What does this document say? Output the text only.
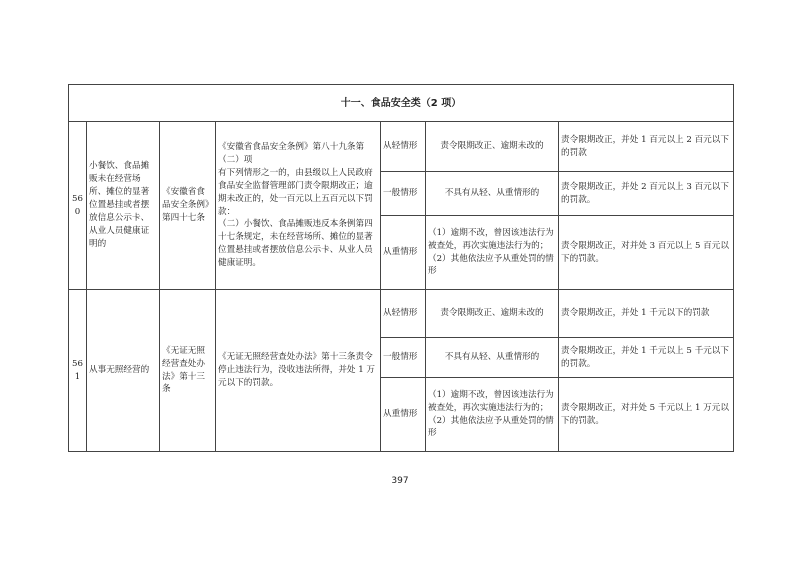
十一、食品安全类（2 项）						
560	小餐饮、食品摊贩未在经营场所、摊位的显著位置悬挂或者摆放信息公示卡、从业人员健康证明的	《安徽省食品安全条例》第四十七条	《安徽省食品安全条例》第八十九条第（二）项
有下列情形之一的，由县级以上人民政府食品安全监督管理部门责令限期改正；逾期未改正的，处一百元以上五百元以下罚款：
（二）小餐饮、食品摊贩违反本条例第四十七条规定，未在经营场所、摊位的显著位置悬挂或者摆放信息公示卡、从业人员健康证明。	从轻情形	责令限期改正、逾期未改的	责令限期改正，并处 1 百元以上 2 百元以下的罚款
				一般情形	不具有从轻、从重情形的	责令限期改正，并处 2 百元以上 3 百元以下的罚款。
				从重情形	（1）逾期不改，曾因该违法行为被查处，再次实施违法行为的；（2）其他依法应予从重处罚的情形	责令限期改正，对并处 3 百元以上 5 百元以下的罚款。
561	从事无照经营的	《无证无照经营查处办法》第十三条	《无证无照经营查处办法》第十三条责令停止违法行为，没收违法所得，并处 1 万元以下的罚款。	从轻情形	责令限期改正、逾期未改的	责令限期改正，并处 1 千元以下的罚款
				一般情形	不具有从轻、从重情形的	责令限期改正，并处 1 千元以上 5 千元以下的罚款。
				从重情形	（1）逾期不改，曾因该违法行为被查处，再次实施违法行为的；（2）其他依法应予从重处罚的情形	责令限期改正，对并处 5 千元以上 1 万元以下的罚款。
397
